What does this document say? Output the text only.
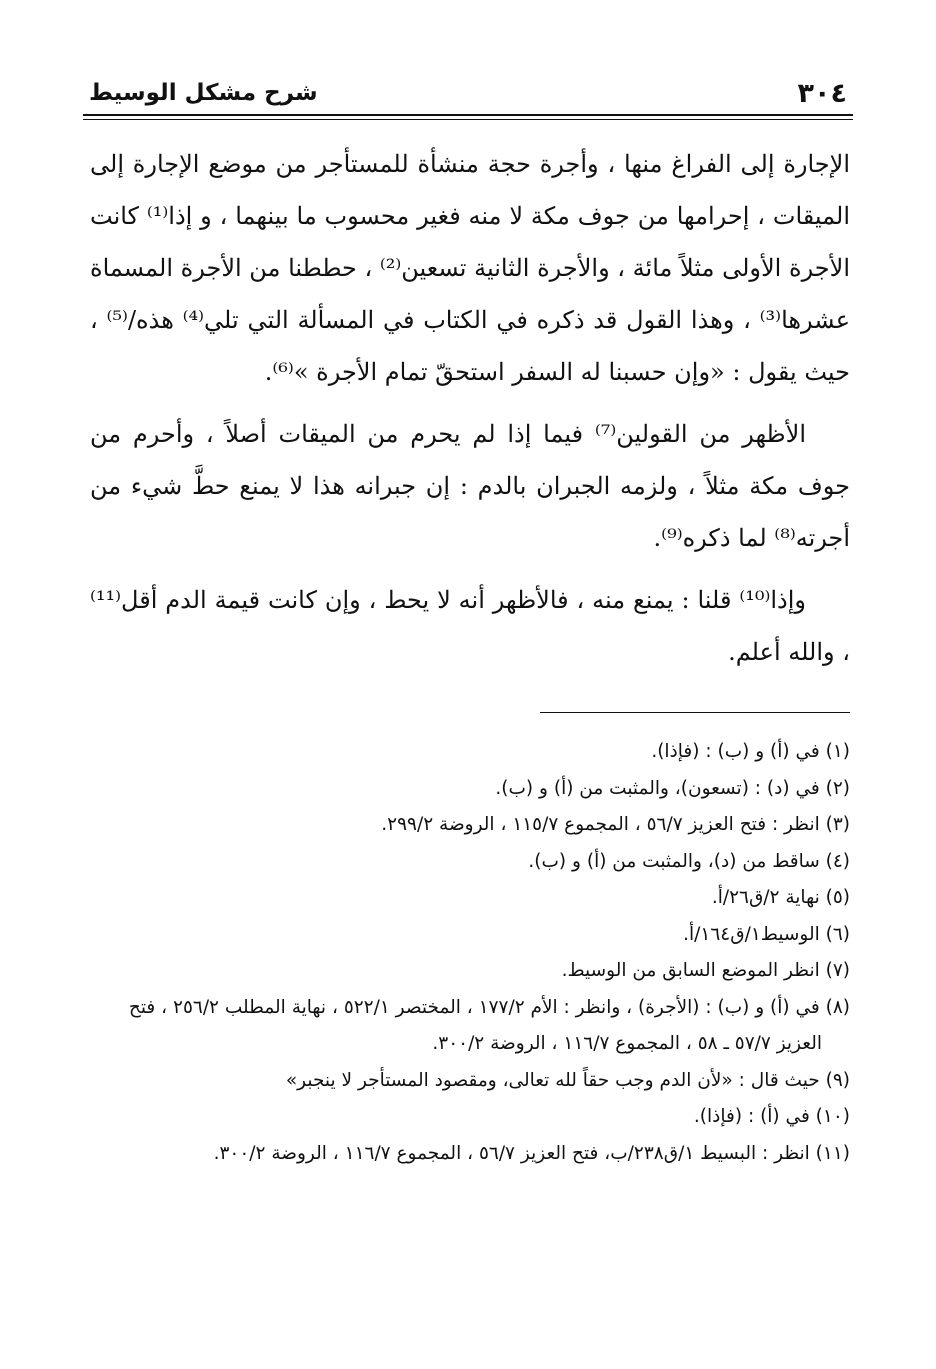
٣٠٤
شرح مشكل الوسيط

الإجارة إلى الفراغ منها ، وأجرة حجة منشأة للمستأجر من موضع الإجارة إلى الميقات ، إحرامها من جوف مكة لا منه فغير محسوب ما بينهما ، و إذا⁽¹⁾ كانت الأجرة الأولى مثلاً مائة ، والأجرة الثانية تسعين⁽²⁾ ، حططنا من الأجرة المسماة عشرها⁽³⁾ ، وهذا القول قد ذكره في الكتاب في المسألة التي تلي⁽⁴⁾ هذه/⁽⁵⁾ ، حيث يقول : «وإن حسبنا له السفر استحقّ تمام الأجرة »⁽⁶⁾.

الأظهر من القولين⁽⁷⁾ فيما إذا لم يحرم من الميقات أصلاً ، وأحرم من جوف مكة مثلاً ، ولزمه الجبران بالدم : إن جبرانه هذا لا يمنع حطَّ شيء من أجرته⁽⁸⁾ لما ذكره⁽⁹⁾.

وإذا⁽¹⁰⁾ قلنا : يمنع منه ، فالأظهر أنه لا يحط ، وإن كانت قيمة الدم أقل⁽¹¹⁾ ، والله أعلم.

(١) في (أ) و (ب) : (فإذا).

(٢) في (د) : (تسعون)، والمثبت من (أ) و (ب).

(٣) انظر : فتح العزيز ٥٦/٧ ، المجموع ١١٥/٧ ، الروضة ٢٩٩/٢.

(٤) ساقط من (د)، والمثبت من (أ) و (ب).

(٥) نهاية ٢/ق٢٦/أ.

(٦) الوسيط١/ق١٦٤/أ.

(٧) انظر الموضع السابق من الوسيط.

(٨) في (أ) و (ب) : (الأجرة) ، وانظر : الأم ١٧٧/٢ ، المختصر ٥٢٢/١ ، نهاية المطلب ٢٥٦/٢ ، فتح العزيز ٥٧/٧ ـ ٥٨ ، المجموع ١١٦/٧ ، الروضة ٣٠٠/٢.

(٩) حيث قال : «لأن الدم وجب حقاً لله تعالى، ومقصود المستأجر لا ينجبر»

(١٠) في (أ) : (فإذا).

(١١) انظر : البسيط ١/ق٢٣٨/ب، فتح العزيز ٥٦/٧ ، المجموع ١١٦/٧ ، الروضة ٣٠٠/٢.
